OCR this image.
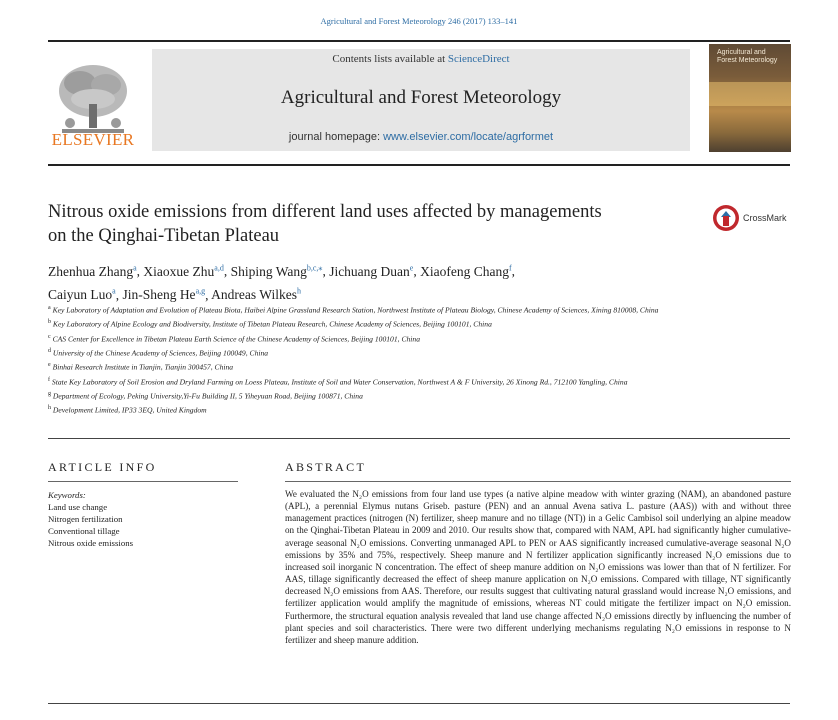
Agricultural and Forest Meteorology 246 (2017) 133–141
ELSEVIER
Contents lists available at ScienceDirect
Agricultural and Forest Meteorology
journal homepage: www.elsevier.com/locate/agrformet
Agricultural and
Forest Meteorology
Nitrous oxide emissions from different land uses affected by managements
on the Qinghai-Tibetan Plateau
CrossMark
Zhenhua Zhang$^a$, Xiaoxue Zhu$^{a,d}$, Shiping Wang$^{b,c,⁎}$, Jichuang Duan$^e$, Xiaofeng Chang$^f$,
Caiyun Luo$^a$, Jin-Sheng He$^{a,g}$, Andreas Wilkes$^h$
$^a$ Key Laboratory of Adaptation and Evolution of Plateau Biota, Haibei Alpine Grassland Research Station, Northwest Institute of Plateau Biology, Chinese Academy of Sciences, Xining 810008, China
$^b$ Key Laboratory of Alpine Ecology and Biodiversity, Institute of Tibetan Plateau Research, Chinese Academy of Sciences, Beijing 100101, China
$^c$ CAS Center for Excellence in Tibetan Plateau Earth Science of the Chinese Academy of Sciences, Beijing 100101, China
$^d$ University of the Chinese Academy of Sciences, Beijing 100049, China
$^e$ Binhai Research Institute in Tianjin, Tianjin 300457, China
$^f$ State Key Laboratory of Soil Erosion and Dryland Farming on Loess Plateau, Institute of Soil and Water Conservation, Northwest A & F University, 26 Xinong Rd., 712100 Yangling, China
$^g$ Department of Ecology, Peking University,Yi-Fu Building II, 5 Yiheyuan Road, Beijing 100871, China
$^h$ Development Limited, IP33 3EQ, United Kingdom
ARTICLE INFO
Keywords:
Land use change
Nitrogen fertilization
Conventional tillage
Nitrous oxide emissions
ABSTRACT
We evaluated the N₂O emissions from four land use types (a native alpine meadow with winter grazing (NAM), an abandoned pasture (APL), a perennial Elymus nutans Griseb. pasture (PEN) and an annual Avena sativa L. pasture (AAS)) with and without three management practices (nitrogen (N) fertilizer, sheep manure and no tillage (NT)) in a Gelic Cambisol soil underlying an alpine meadow on the Qinghai-Tibetan Plateau in 2009 and 2010. Our results show that, compared with NAM, APL had significantly higher cumulative-average seasonal N₂O emissions. Converting unmanaged APL to PEN or AAS significantly increased cumulative-average seasonal N₂O emissions by 35% and 75%, respectively. Sheep manure and N fertilizer application significantly increased N₂O emissions due to increased soil inorganic N concentration. The effect of sheep manure addition on N₂O emissions was lower than that of N fertilizer. For AAS, tillage significantly decreased the effect of sheep manure application on N₂O emissions. Compared with tillage, NT significantly decreased N₂O emissions from AAS. Therefore, our results suggest that cultivating natural grassland would increase N₂O emissions, and fertilizer application would amplify the magnitude of emissions, whereas NT could mitigate the fertilizer impact on N₂O emission. Furthermore, the structural equation analysis revealed that land use change affected N₂O emissions directly by influencing the number of plant species and soil characteristics. There were two different underlying mechanisms regulating N₂O emissions in response to N fertilizer and sheep manure addition.
